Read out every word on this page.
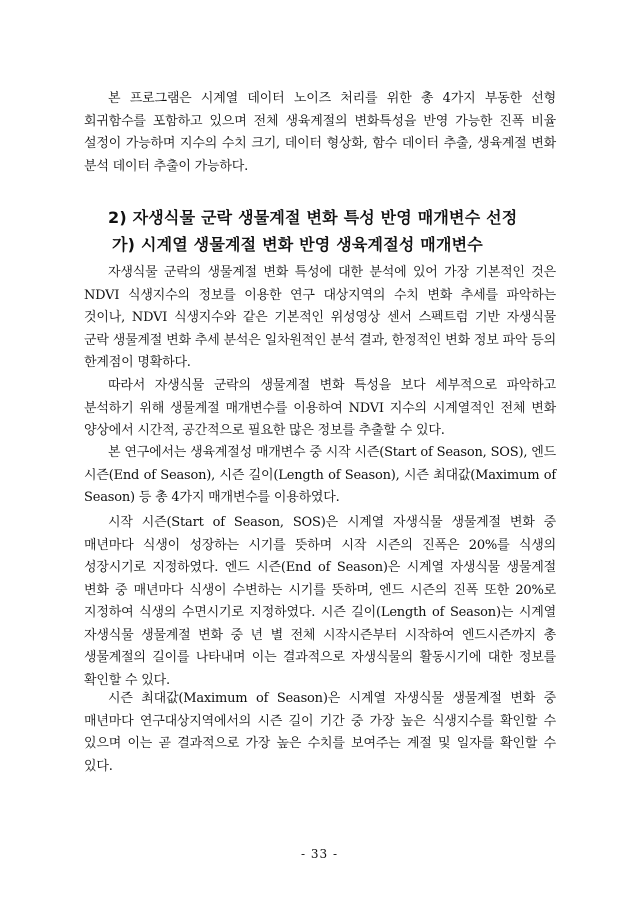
본 프로그램은 시계열 데이터 노이즈 처리를 위한 총 4가지 부동한 선형 회귀함수를 포함하고 있으며 전체 생육계절의 변화특성을 반영 가능한 진폭 비율 설정이 가능하며 지수의 수치 크기, 데이터 형상화, 함수 데이터 추출, 생육계절 변화 분석 데이터 추출이 가능하다.

2) 자생식물 군락 생물계절 변화 특성 반영 매개변수 선정
가) 시계열 생물계절 변화 반영 생육계절성 매개변수

자생식물 군락의 생물계절 변화 특성에 대한 분석에 있어 가장 기본적인 것은 NDVI 식생지수의 정보를 이용한 연구 대상지역의 수치 변화 추세를 파악하는 것이나, NDVI 식생지수와 같은 기본적인 위성영상 센서 스펙트럼 기반 자생식물 군락 생물계절 변화 추세 분석은 일차원적인 분석 결과, 한정적인 변화 정보 파악 등의 한계점이 명확하다.

따라서 자생식물 군락의 생물계절 변화 특성을 보다 세부적으로 파악하고 분석하기 위해 생물계절 매개변수를 이용하여 NDVI 지수의 시계열적인 전체 변화 양상에서 시간적, 공간적으로 필요한 많은 정보를 추출할 수 있다.

본 연구에서는 생육계절성 매개변수 중 시작 시즌(Start of Season, SOS), 엔드 시즌(End of Season), 시즌 길이(Length of Season), 시즌 최대값(Maximum of Season) 등 총 4가지 매개변수를 이용하였다.

시작 시즌(Start of Season, SOS)은 시계열 자생식물 생물계절 변화 중 매년마다 식생이 성장하는 시기를 뜻하며 시작 시즌의 진폭은 20%를 식생의 성장시기로 지정하였다. 엔드 시즌(End of Season)은 시계열 자생식물 생물계절 변화 중 매년마다 식생이 수변하는 시기를 뜻하며, 엔드 시즌의 진폭 또한 20%로 지정하여 식생의 수면시기로 지정하였다. 시즌 길이(Length of Season)는 시계열 자생식물 생물계절 변화 중 년 별 전체 시작시즌부터 시작하여 엔드시즌까지 총 생물계절의 길이를 나타내며 이는 결과적으로 자생식물의 활동시기에 대한 정보를 확인할 수 있다.

시즌 최대값(Maximum of Season)은 시계열 자생식물 생물계절 변화 중 매년마다 연구대상지역에서의 시즌 길이 기간 중 가장 높은 식생지수를 확인할 수 있으며 이는 곧 결과적으로 가장 높은 수치를 보여주는 계절 및 일자를 확인할 수 있다.

- 33 -
